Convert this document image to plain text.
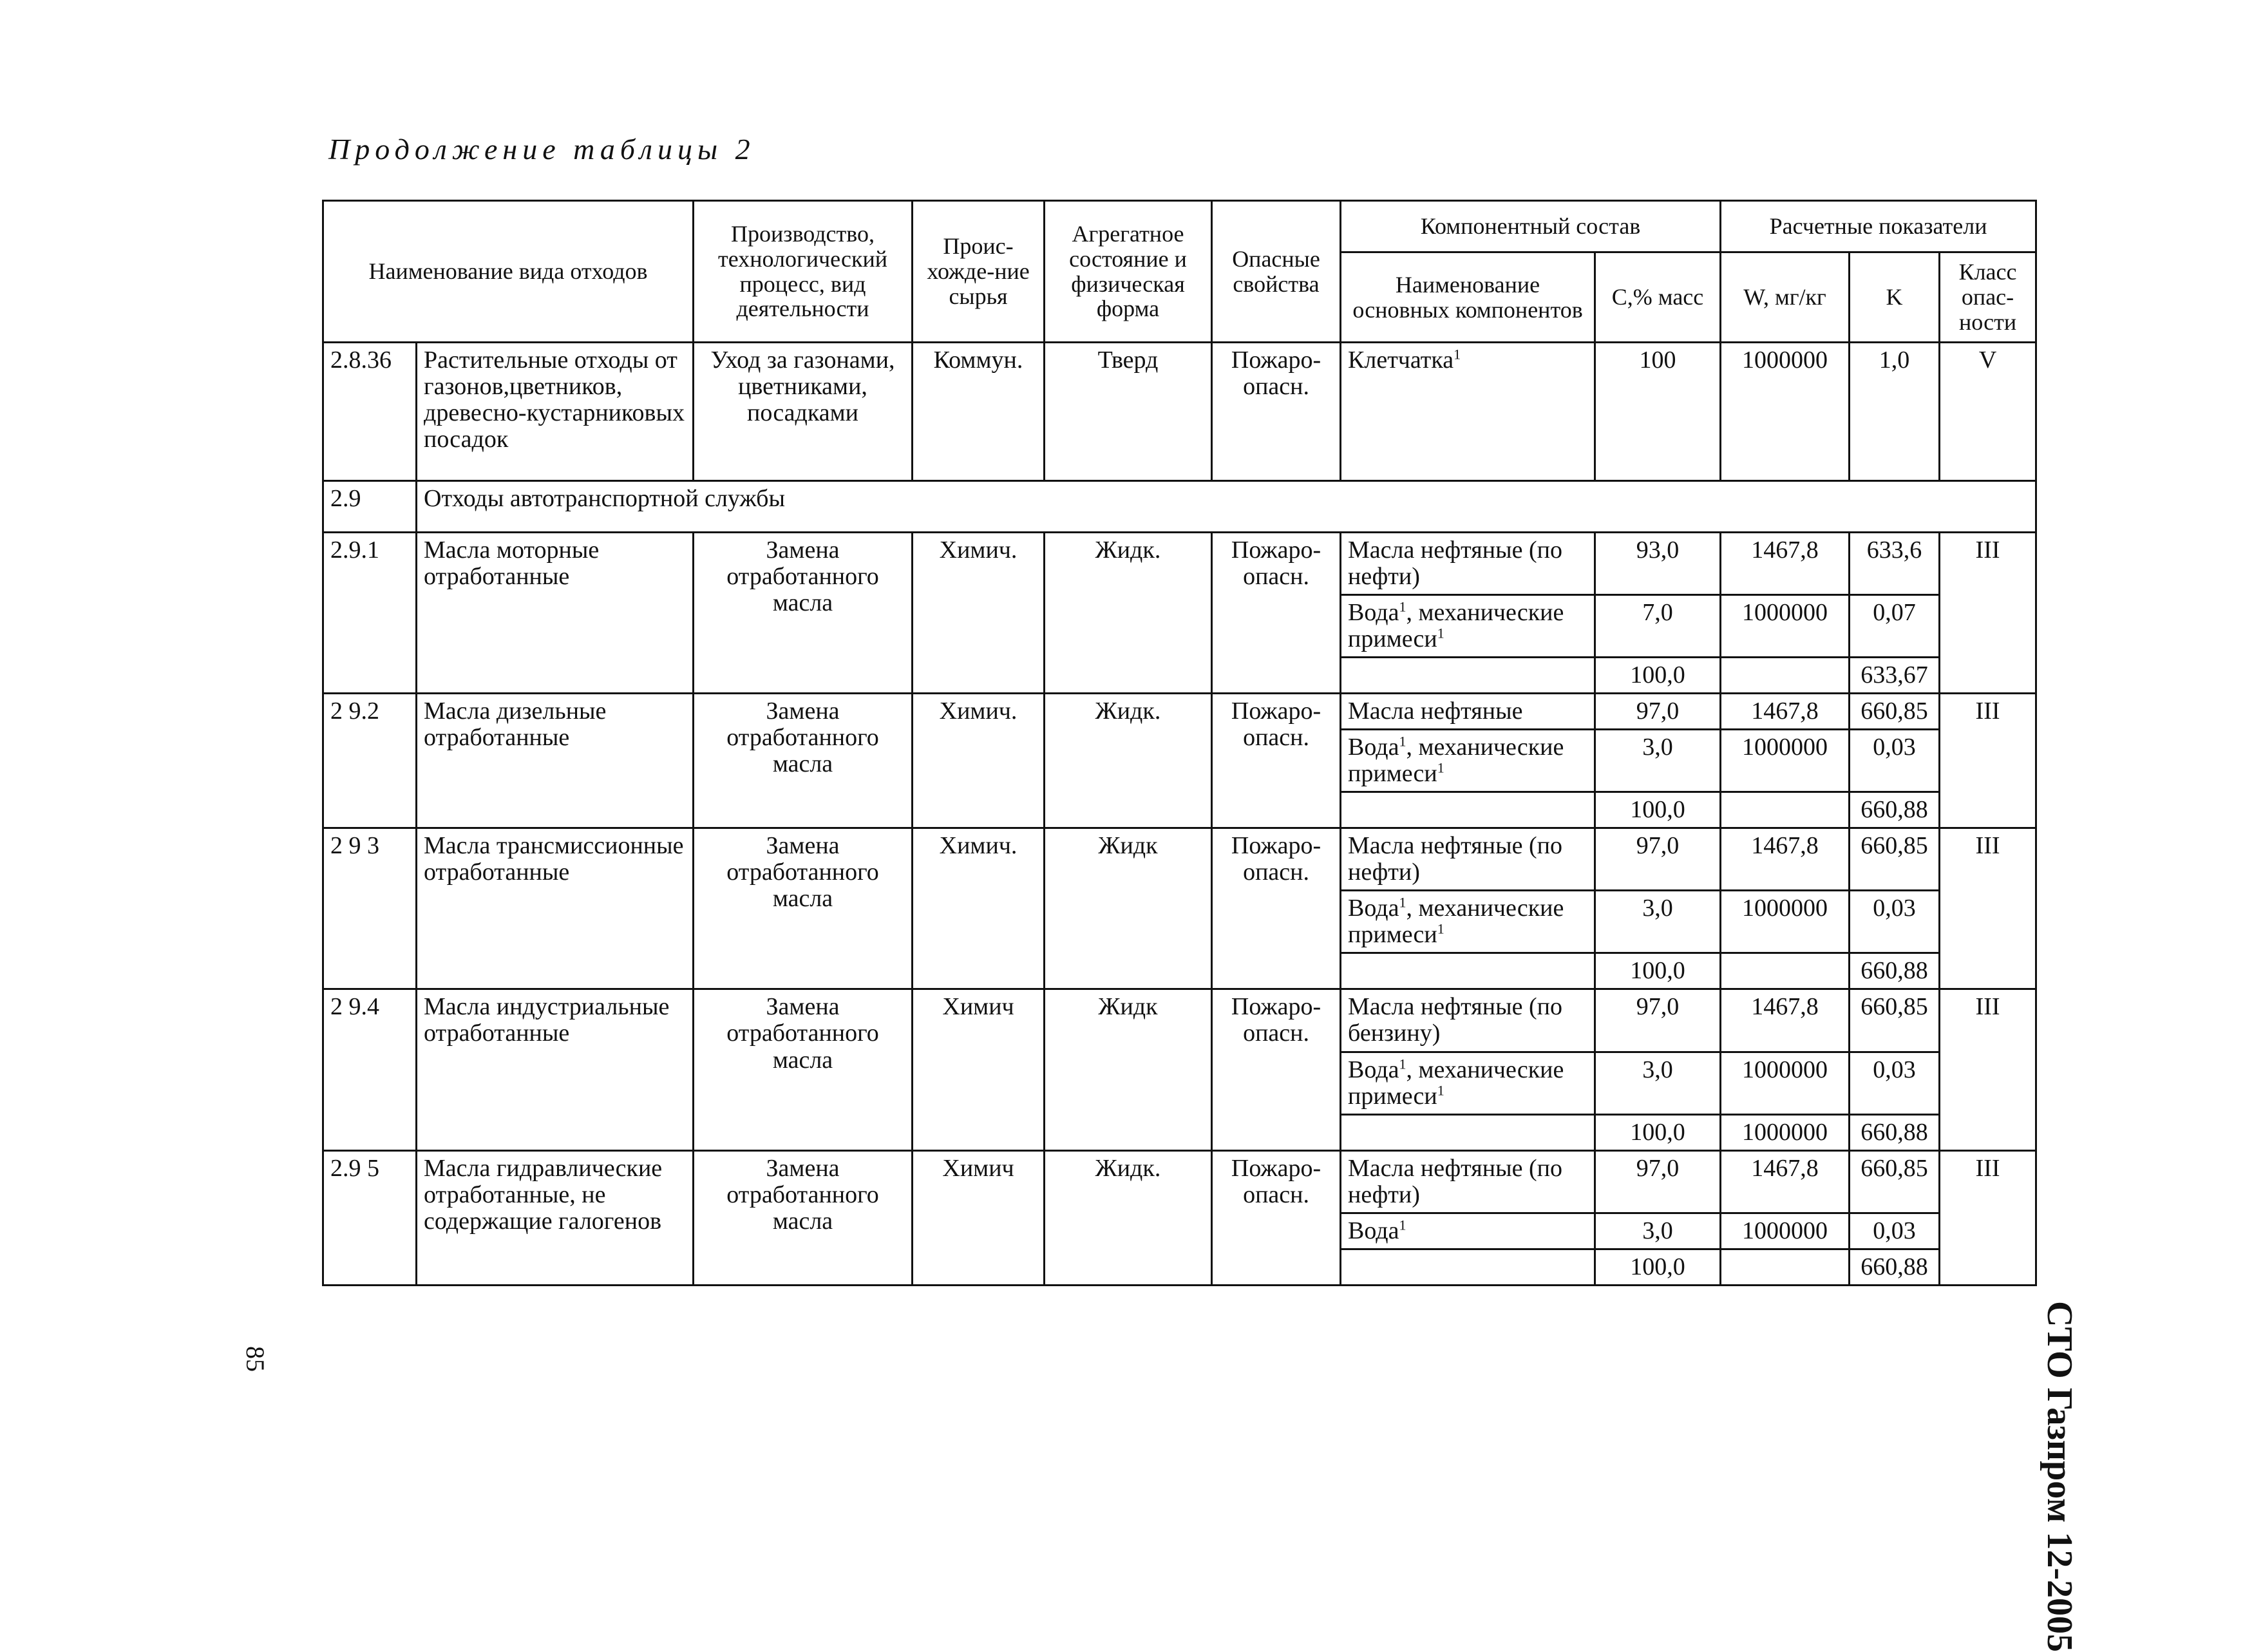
Продолжение таблицы 2
Наименование вида отходов		Производство, технологический процесс, вид деятельности	Проис-хожде-ние сырья	Агрегатное состояние и физическая форма	Опасные свойства	Компонентный состав		Расчетные показатели		
						Наименование основных компонентов	C,% масс	W, мг/кг	K	Класс опас-ности
2.8.36	Растительные отходы от газонов,цветников, древесно-кустарниковых посадок	Уход за газонами, цветниками, посадками	Коммун.	Тверд	Пожаро-опасн.	Клетчатка$^1$	100	1000000	1,0	V
2.9	Отходы автотранспортной службы									
2.9.1	Масла моторные отработанные	Замена отработанного масла	Химич.	Жидк.	Пожаро-опасн.	Масла нефтяные (по нефти)	93,0	1467,8	633,6	III
						Вода$^1$, механические примеси$^1$	7,0	1000000	0,07	
							100,0		633,67	
2 9.2	Масла дизельные отработанные	Замена отработанного масла	Химич.	Жидк.	Пожаро-опасн.	Масла нефтяные	97,0	1467,8	660,85	III
						Вода$^1$, механические примеси$^1$	3,0	1000000	0,03	
							100,0		660,88	
2 9 3	Масла трансмиссионные отработанные	Замена отработанного масла	Химич.	Жидк	Пожаро-опасн.	Масла нефтяные (по нефти)	97,0	1467,8	660,85	III
						Вода$^1$, механические примеси$^1$	3,0	1000000	0,03	
							100,0		660,88	
2 9.4	Масла индустриальные отработанные	Замена отработанного масла	Химич	Жидк	Пожаро-опасн.	Масла нефтяные (по бензину)	97,0	1467,8	660,85	III
						Вода$^1$, механические примеси$^1$	3,0	1000000	0,03	
							100,0	1000000	660,88	
2.9 5	Масла гидравлические отработанные, не содержащие галогенов	Замена отработанного масла	Химич	Жидк.	Пожаро-опасн.	Масла нефтяные (по нефти)	97,0	1467,8	660,85	III
						Вода$^1$	3,0	1000000	0,03	
							100,0		660,88	
СТО Газпром 12-2005
85
